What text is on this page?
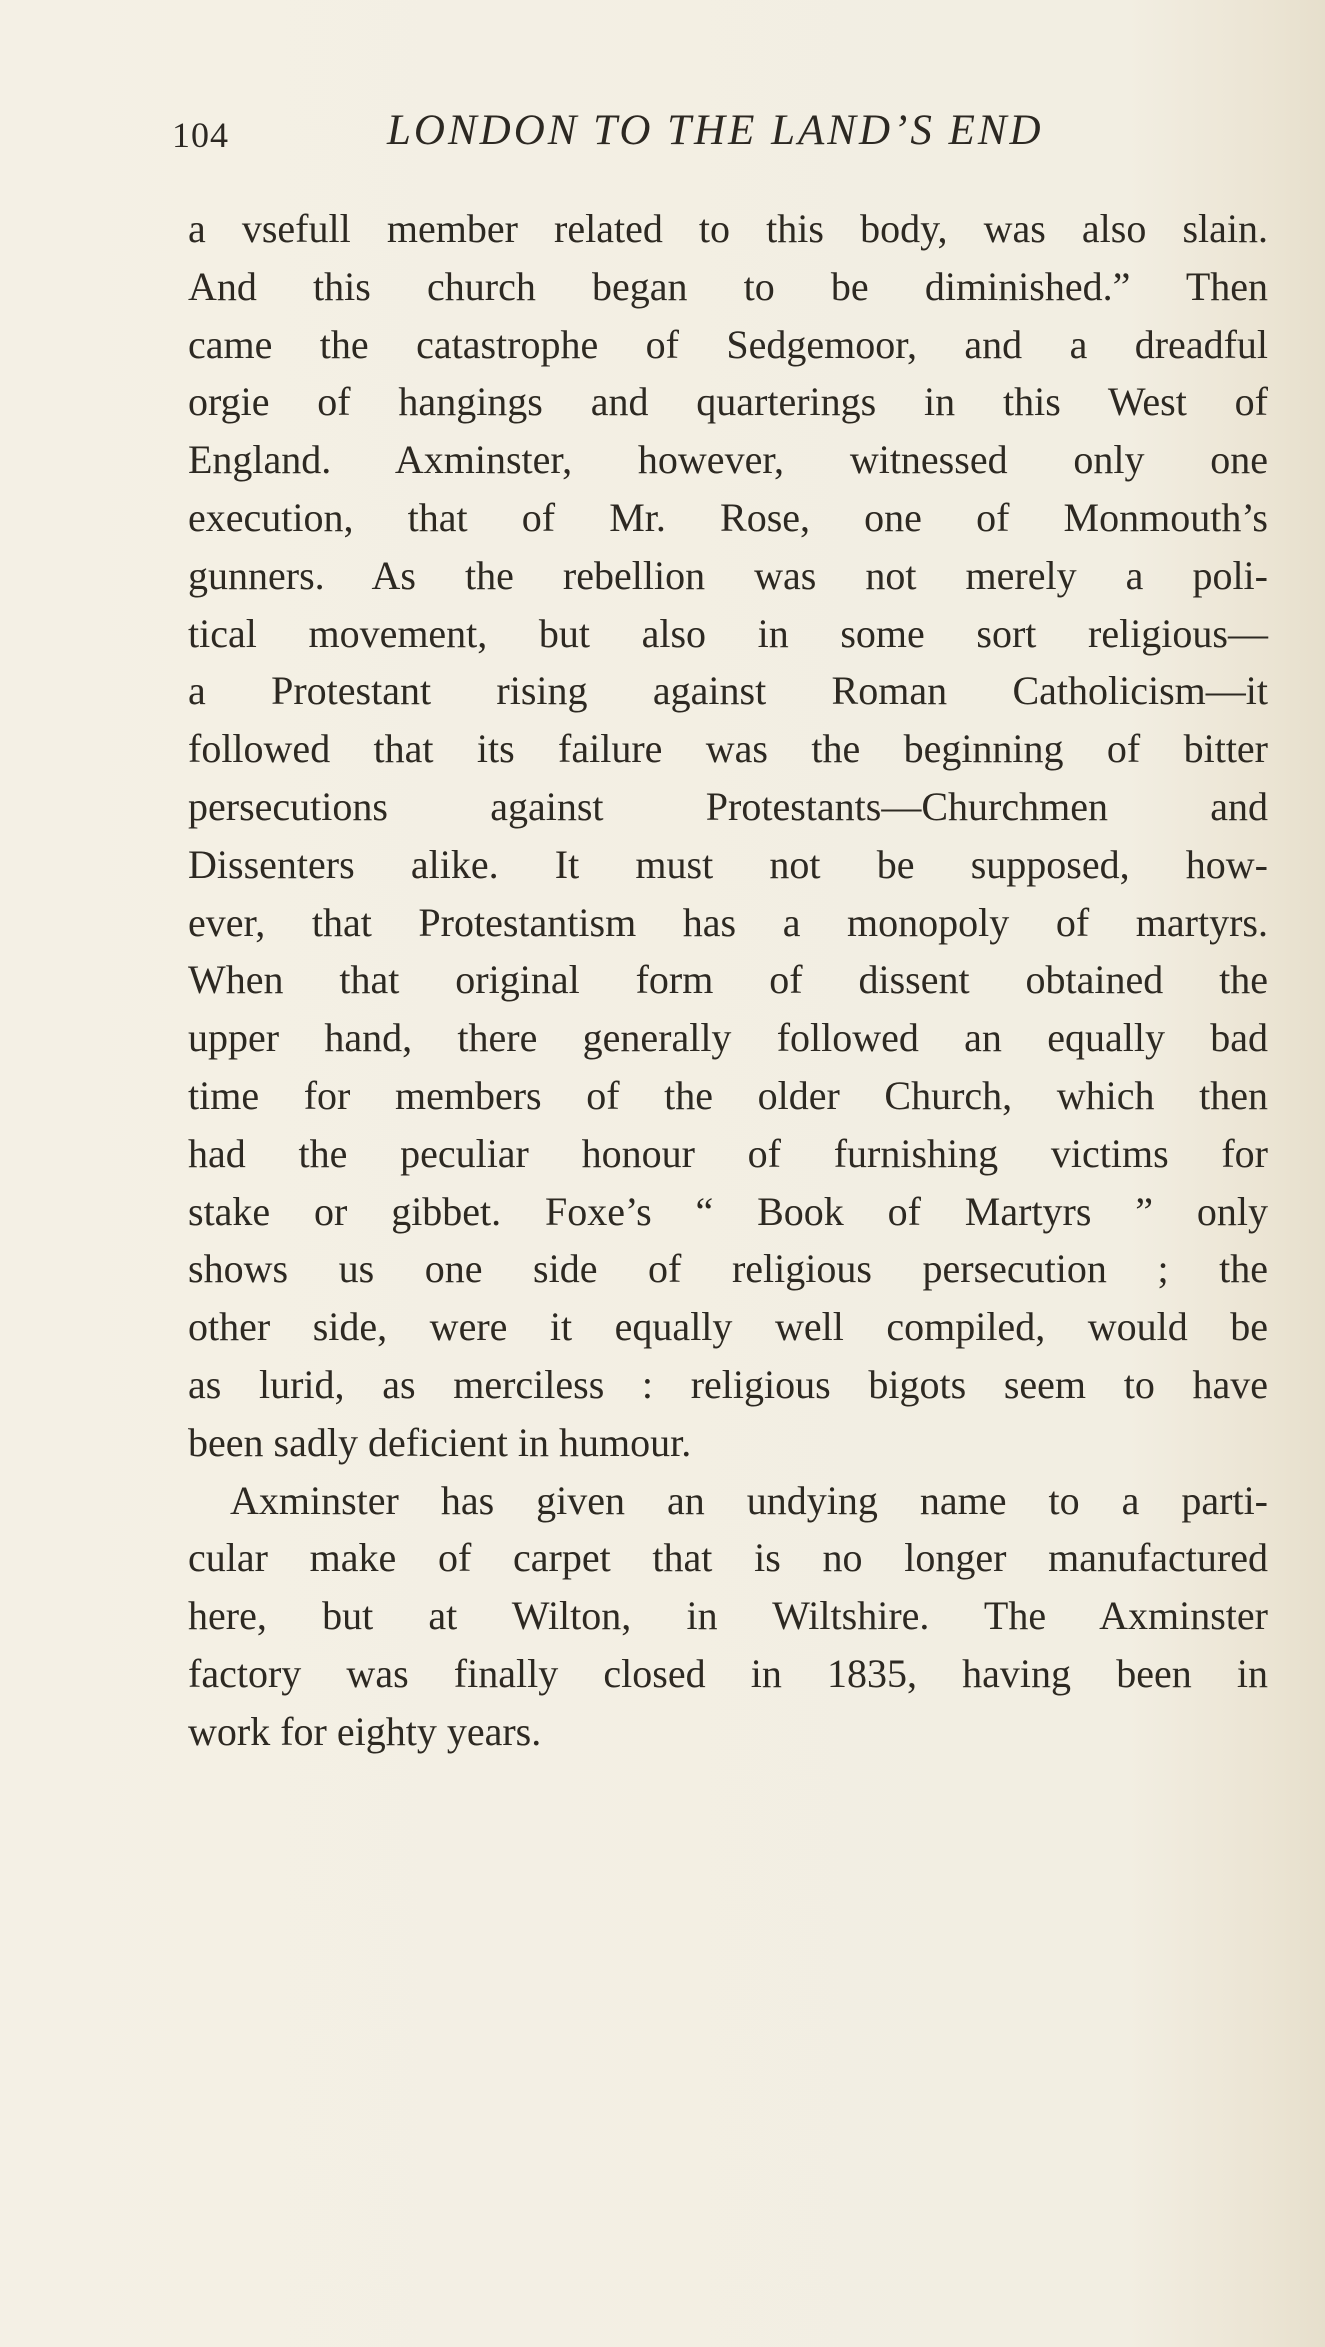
104	LONDON TO THE LAND’S END
a vsefull member related to this body, was also slain.
And this church began to be diminished.” Then
came the catastrophe of Sedgemoor, and a dreadful
orgie of hangings and quarterings in this West of
England. Axminster, however, witnessed only one
execution, that of Mr. Rose, one of Monmouth’s
gunners. As the rebellion was not merely a poli-
tical movement, but also in some sort religious—
a Protestant rising against Roman Catholicism—it
followed that its failure was the beginning of bitter
persecutions against Protestants—Churchmen and
Dissenters alike. It must not be supposed, how-
ever, that Protestantism has a monopoly of martyrs.
When that original form of dissent obtained the
upper hand, there generally followed an equally bad
time for members of the older Church, which then
had the peculiar honour of furnishing victims for
stake or gibbet. Foxe’s “ Book of Martyrs ” only
shows us one side of religious persecution ; the
other side, were it equally well compiled, would be
as lurid, as merciless : religious bigots seem to have
been sadly deficient in humour.
Axminster has given an undying name to a parti-
cular make of carpet that is no longer manufactured
here, but at Wilton, in Wiltshire. The Axminster
factory was finally closed in 1835, having been in
work for eighty years.
